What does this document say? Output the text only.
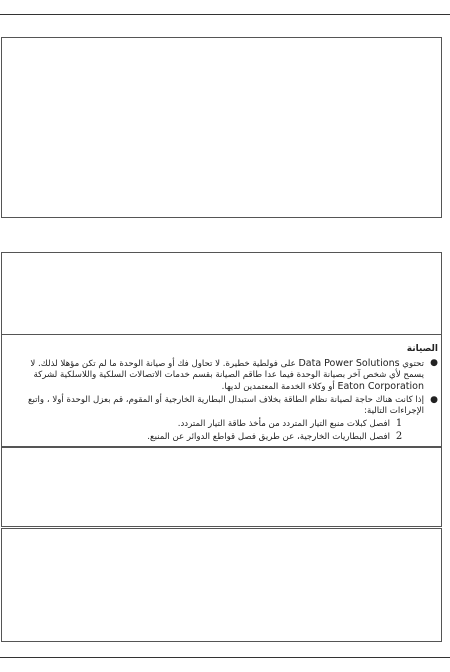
الصيانة
●
تحتوي Data Power Solutions على فولطية خطيرة. لا تحاول فك أو صيانة الوحدة ما لم تكن مؤهلا لذلك. لا يسمح لأي شخص آخر بصيانة الوحدة فيما عدا طاقم الصيانة بقسم خدمات الاتصالات السلكية واللاسلكية لشركة Eaton Corporation أو وكلاء الخدمة المعتمدين لديها.
●
إذا كانت هناك حاجة لصيانة نظام الطاقة بخلاف استبدال البطارية الخارجية أو المقوم، قم بعزل الوحدة أولا ، واتبع الإجراءات التالية:
1
افصل كبلات منبع التيار المتردد من مأخذ طاقة التيار المتردد.
2
افصل البطاريات الخارجية، عن طريق فصل قواطع الدوائر عن المنبع.
